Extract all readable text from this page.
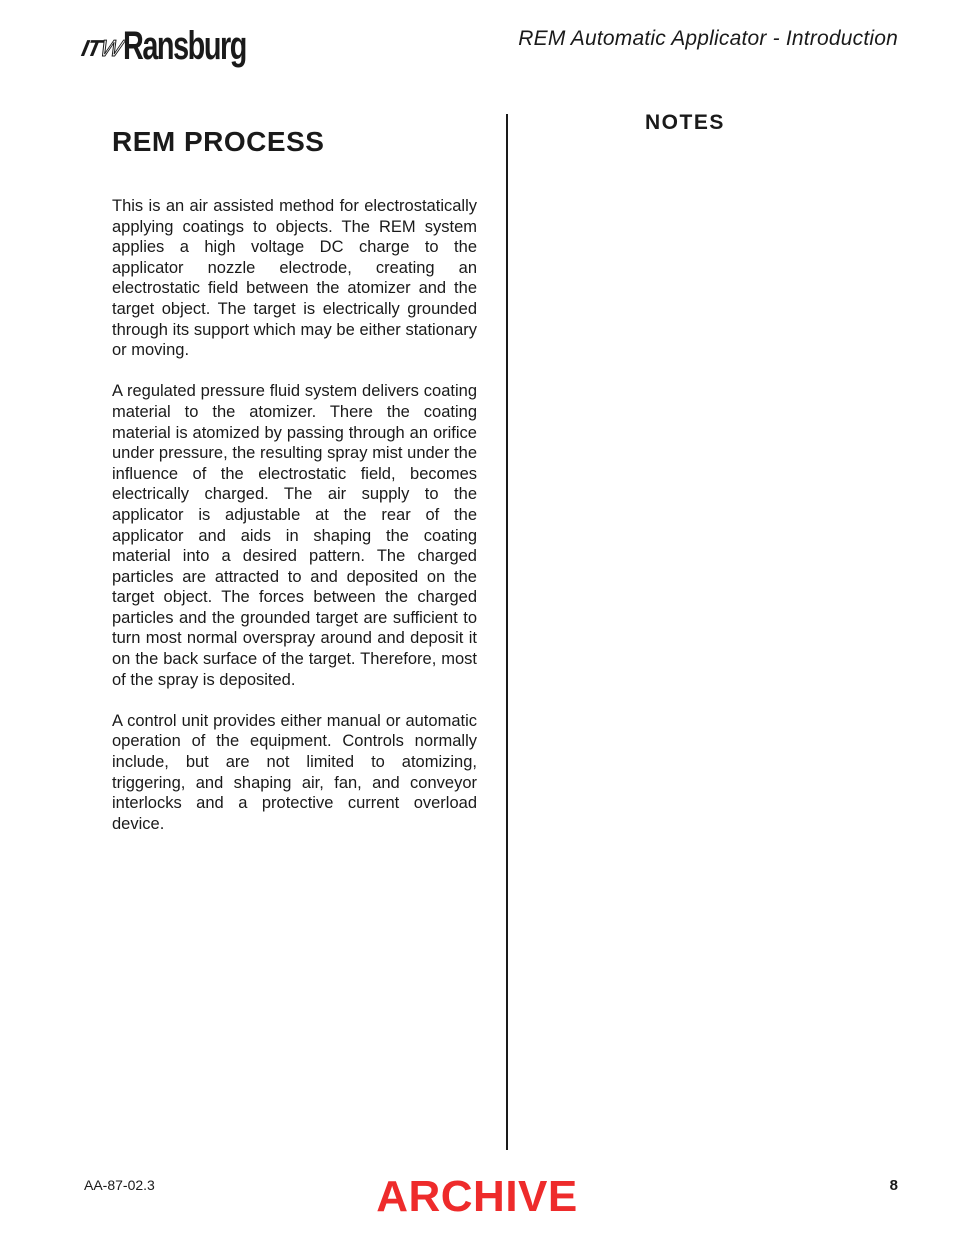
ITW Ransburg	REM Automatic Applicator - Introduction
REM PROCESS

This is an air assisted method for electrostatically applying coatings to objects. The REM system applies a high voltage DC charge to the applicator nozzle electrode, creating an electrostatic field between the atomizer and the target object. The target is electrically grounded through its support which may be either stationary or moving.

A regulated pressure fluid system delivers coating material to the atomizer. There the coating material is atomized by passing through an orifice under pressure, the resulting spray mist under the influence of the electrostatic field, becomes electrically charged. The air supply to the applicator is adjustable at the rear of the applicator and aids in shaping the coating material into a desired pattern. The charged particles are attracted to and deposited on the target object. The forces between the charged particles and the grounded target are sufficient to turn most normal overspray around and deposit it on the back surface of the target. Therefore, most of the spray is deposited.

A control unit provides either manual or automatic operation of the equipment. Controls normally include, but are not limited to atomizing, triggering, and shaping air, fan, and conveyor interlocks and a protective current overload device.

NOTES
AA-87-02.3	ARCHIVE	8
